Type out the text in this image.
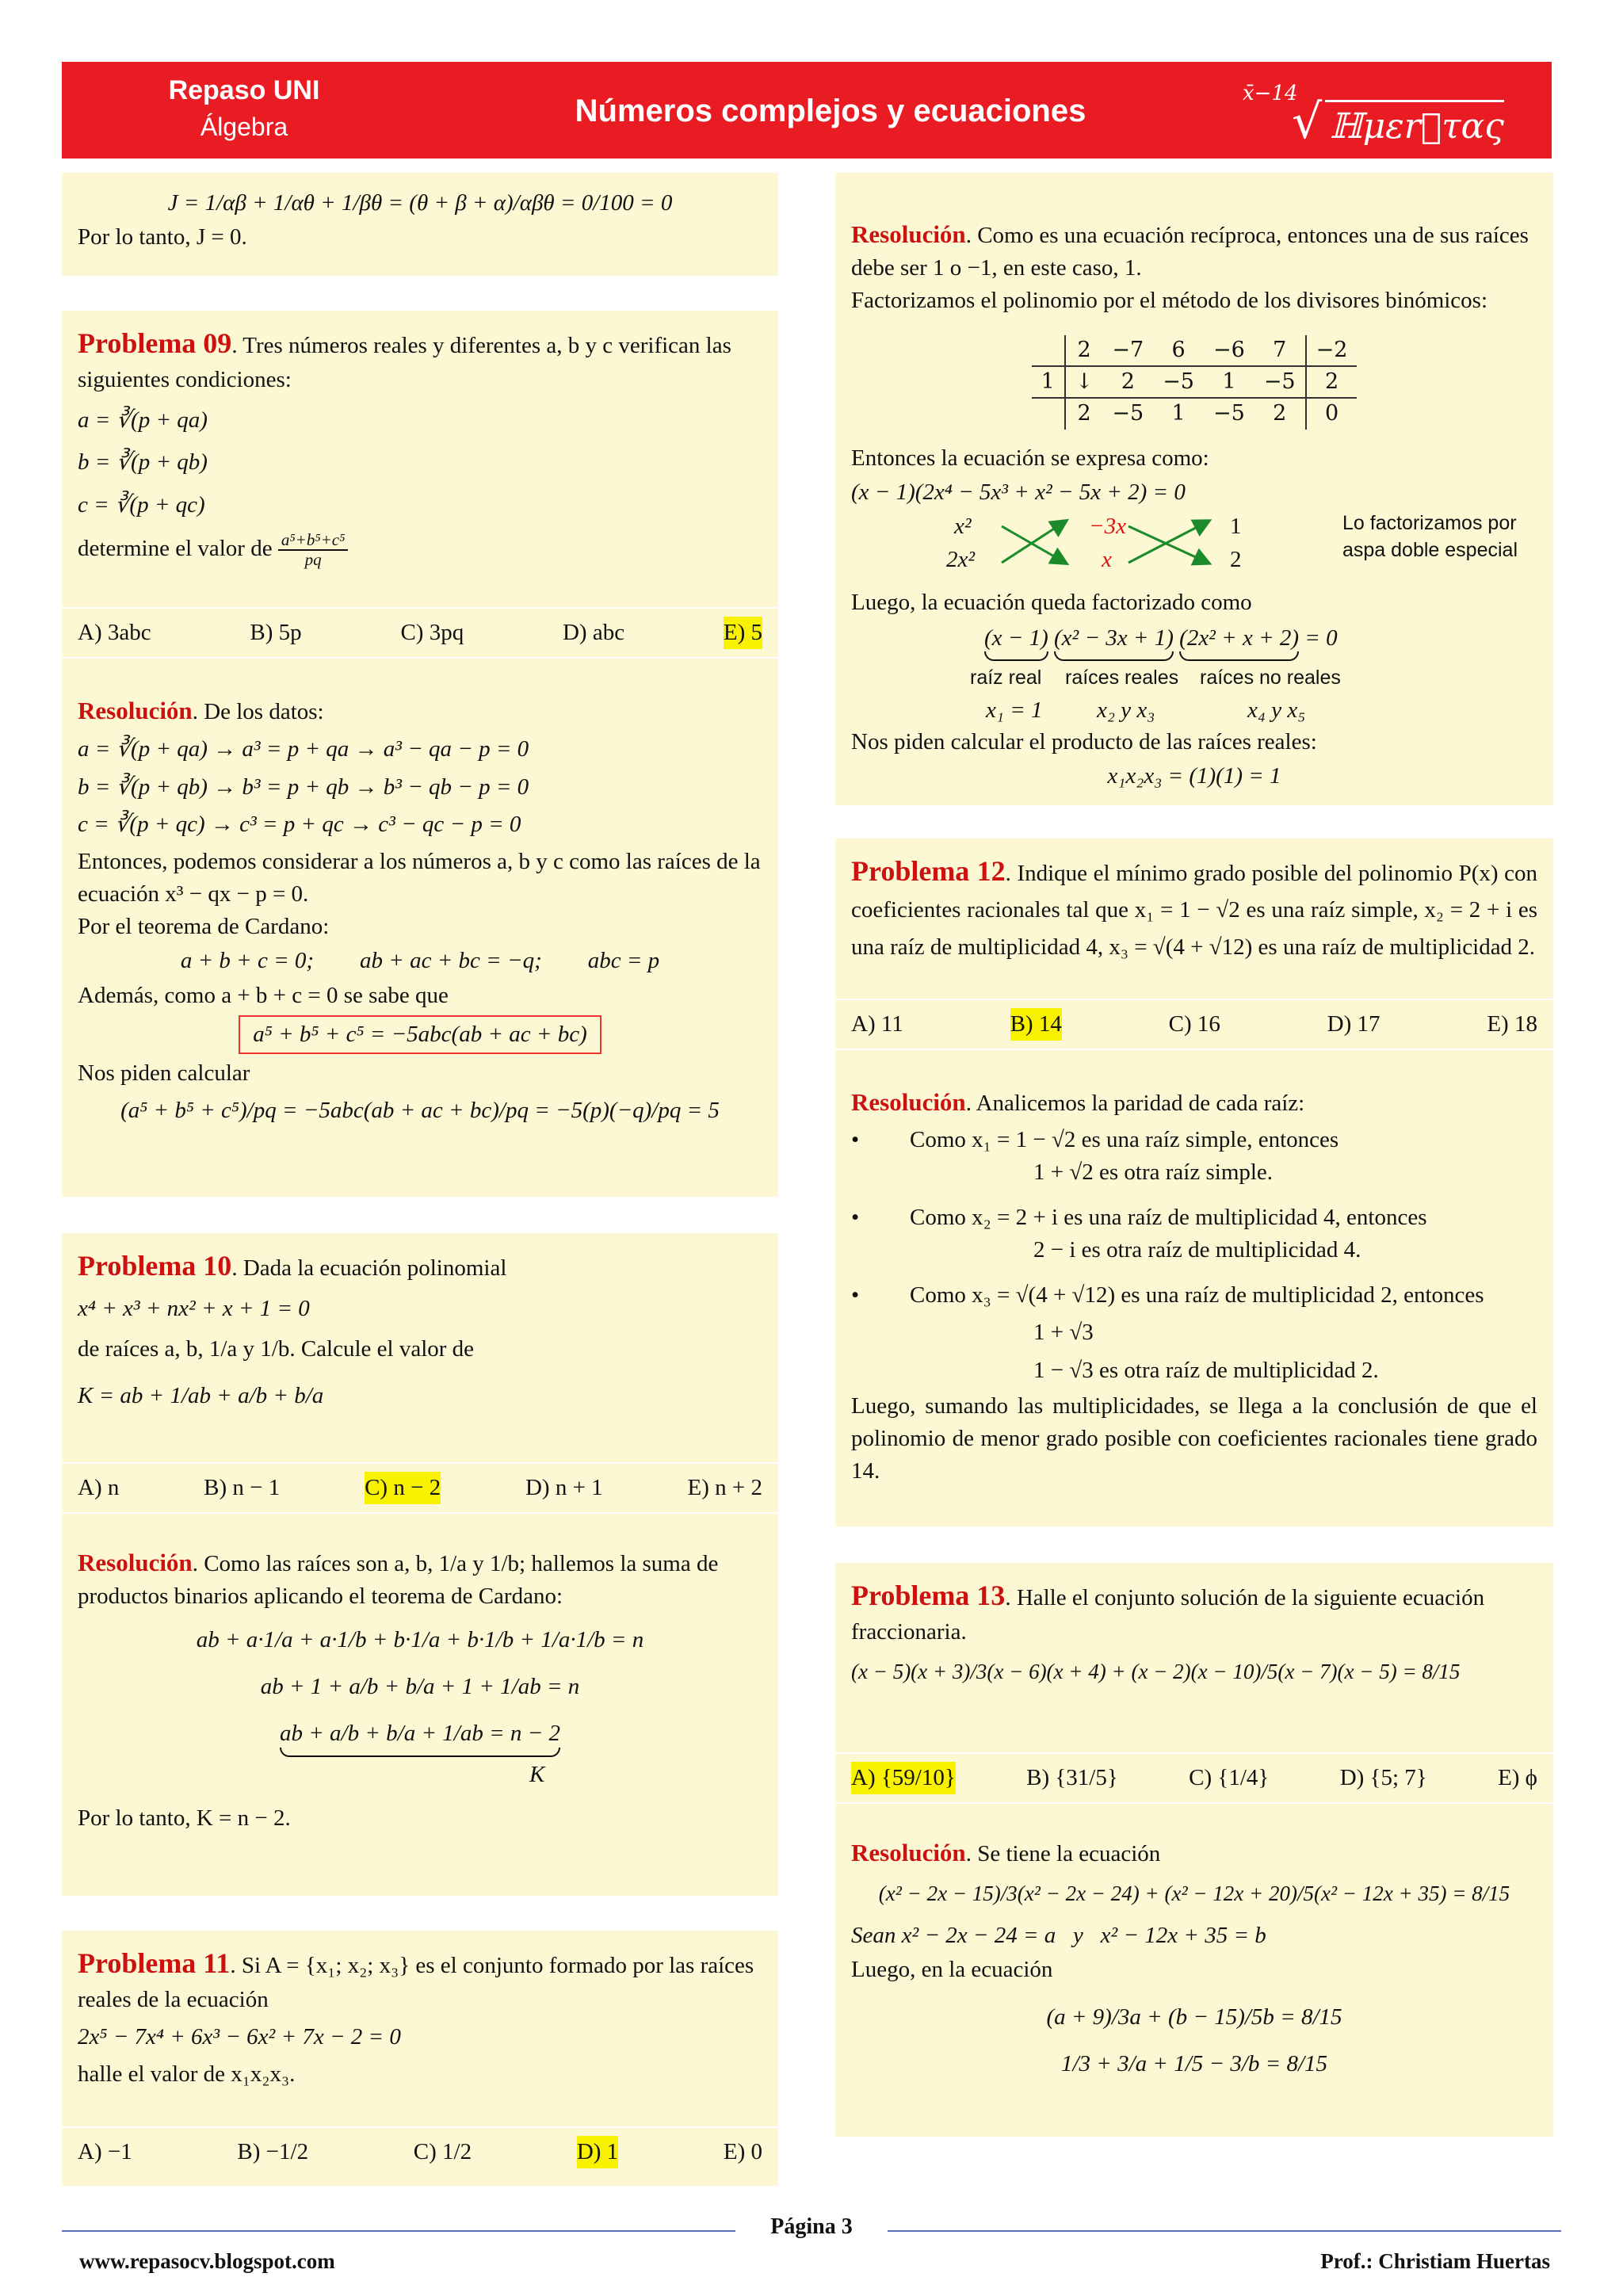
Repaso UNI
Álgebra	Números complejos y ecuaciones	x̄−14
√ ℍμεr⃗τας
J = 1/αβ + 1/αθ + 1/βθ = (θ + β + α)/αβθ = 0/100 = 0
Por lo tanto, J = 0.
Problema 09. Tres números reales y diferentes a, b y c verifican las siguientes condiciones:
a = ∛(p + qa)
b = ∛(p + qb)
c = ∛(p + qc)
determine el valor de $\frac{\text{a⁵+b⁵+c⁵}}{pq}$
A) 3abc	B) 5p	C) 3pq	D) abc	E) 5
Resolución. De los datos:
a = ∛(p + qa) → a³ = p + qa → a³ − qa − p = 0
b = ∛(p + qb) → b³ = p + qb → b³ − qb − p = 0
c = ∛(p + qc) → c³ = p + qc → c³ − qc − p = 0
Entonces, podemos considerar a los números a, b y c como las raíces de la ecuación x³ − qx − p = 0.
Por el teorema de Cardano:
a + b + c = 0;        ab + ac + bc = −q;        abc = p
Además, como a + b + c = 0 se sabe que
a⁵ + b⁵ + c⁵ = −5abc(ab + ac + bc)
Nos piden calcular
(a⁵ + b⁵ + c⁵)/pq = −5abc(ab + ac + bc)/pq = −5(p)(−q)/pq = 5
Problema 10. Dada la ecuación polinomial
x⁴ + x³ + nx² + x + 1 = 0
de raíces a, b, 1/a y 1/b. Calcule el valor de
K = ab + 1/ab + a/b + b/a
A) n	B) n − 1	C) n − 2	D) n + 1	E) n + 2
Resolución. Como las raíces son a, b, 1/a y 1/b; hallemos la suma de productos binarios aplicando el teorema de Cardano:
ab + a·1/a + a·1/b + b·1/a + b·1/b + 1/a·1/b = n
ab + 1 + a/b + b/a + 1 + 1/ab = n
ab + a/b + b/a + 1/ab = n − 2
K
Por lo tanto, K = n − 2.
Problema 11. Si A = {x₁; x₂; x₃} es el conjunto formado por las raíces reales de la ecuación
2x⁵ − 7x⁴ + 6x³ − 6x² + 7x − 2 = 0
halle el valor de x₁x₂x₃.
A) −1	B) −1/2	C) 1/2	D) 1	E) 0
Resolución. Como es una ecuación recíproca, entonces una de sus raíces debe ser 1 o −1, en este caso, 1.
Factorizamos el polinomio por el método de los divisores binómicos:
	2	−7	6	−6	7	−2
1	↓	2	−5	1	−5	2
	2	−5	1	−5	2	0
Entonces la ecuación se expresa como:
(x − 1)(2x⁴ − 5x³ + x² − 5x + 2) = 0
x²
2x²
−3x
x
1
2
Lo factorizamos por aspa doble especial
Luego, la ecuación queda factorizado como
(x − 1) (x² − 3x + 1) (2x² + x + 2) = 0
raíz real raíces reales raíces no reales
x₁ = 1 x₂ y x₃	x₄ y x₅
Nos piden calcular el producto de las raíces reales:
x₁x₂x₃ = (1)(1) = 1
Problema 12. Indique el mínimo grado posible del polinomio P(x) con coeficientes racionales tal que x₁ = 1 − √2 es una raíz simple, x₂ = 2 + i es una raíz de multiplicidad 4, x₃ = √(4 + √12) es una raíz de multiplicidad 2.
A) 11	B) 14	C) 16	D) 17	E) 18
Resolución. Analicemos la paridad de cada raíz:
•	Como x₁ = 1 − √2 es una raíz simple, entonces
1 + √2 es otra raíz simple.
•	Como x₂ = 2 + i es una raíz de multiplicidad 4, entonces
2 − i es otra raíz de multiplicidad 4.
•	Como x₃ = √(4 + √12) es una raíz de multiplicidad 2, entonces
1 + √3
1 − √3 es otra raíz de multiplicidad 2.
Luego, sumando las multiplicidades, se llega a la conclusión de que el polinomio de menor grado posible con coeficientes racionales tiene grado 14.
Problema 13. Halle el conjunto solución de la siguiente ecuación fraccionaria.
(x − 5)(x + 3)/3(x − 6)(x + 4) + (x − 2)(x − 10)/5(x − 7)(x − 5) = 8/15
A) {59/10}	B) {31/5}	C) {1/4}	D) {5; 7}	E) ϕ
Resolución. Se tiene la ecuación
(x² − 2x − 15)/3(x² − 2x − 24) + (x² − 12x + 20)/5(x² − 12x + 35) = 8/15
Sean x² − 2x − 24 = a   y   x² − 12x + 35 = b
Luego, en la ecuación
(a + 9)/3a + (b − 15)/5b = 8/15
1/3 + 3/a + 1/5 − 3/b = 8/15
Página 3
www.repasocv.blogspot.com	Prof.: Christiam Huertas
